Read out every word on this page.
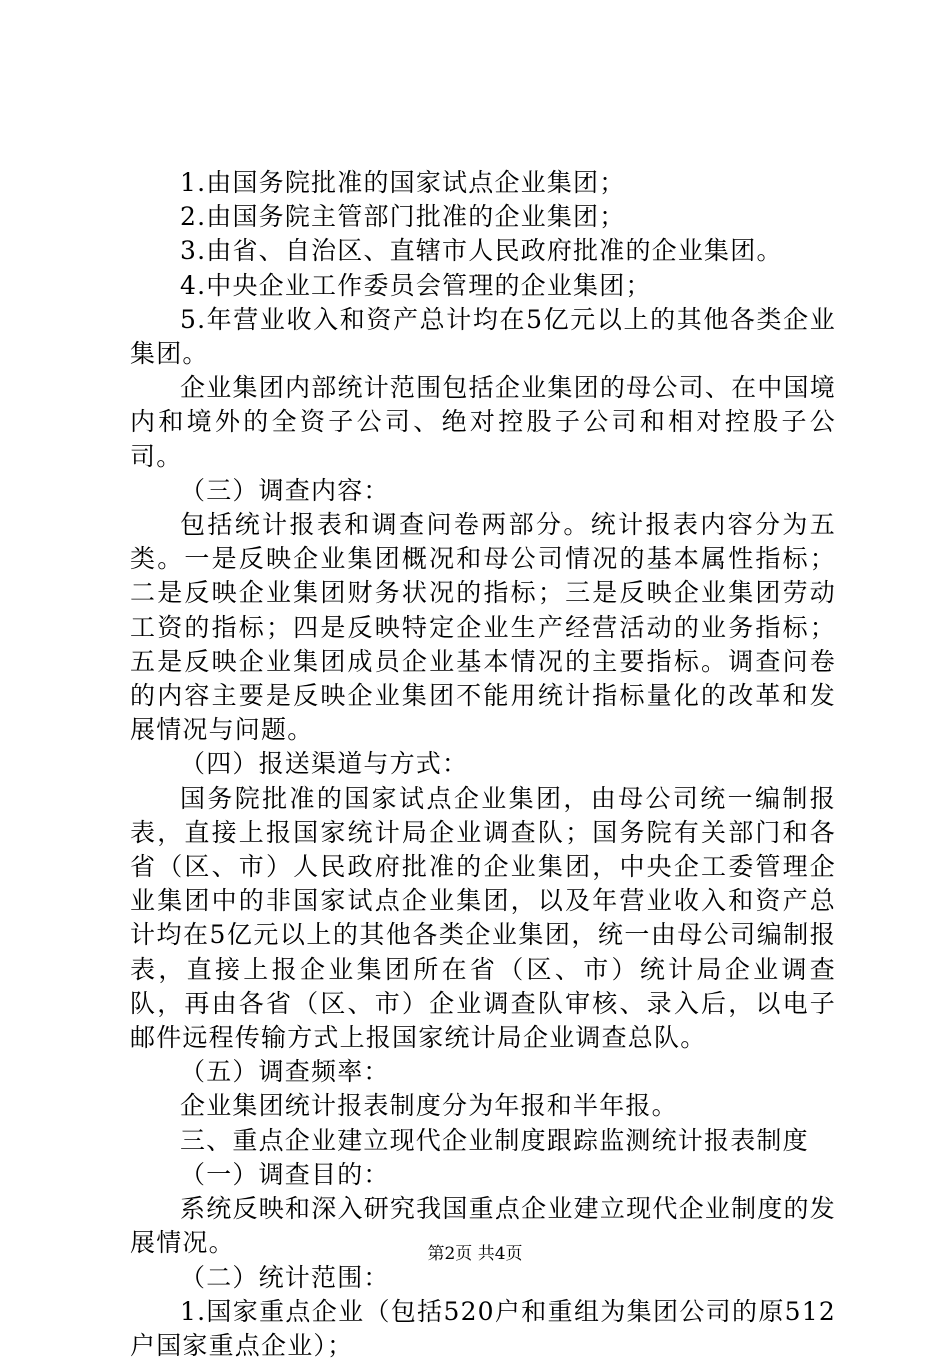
1.由国务院批准的国家试点企业集团；

2.由国务院主管部门批准的企业集团；

3.由省、自治区、直辖市人民政府批准的企业集团。

4.中央企业工作委员会管理的企业集团；

5.年营业收入和资产总计均在5亿元以上的其他各类企业集团。

企业集团内部统计范围包括企业集团的母公司、在中国境内和境外的全资子公司、绝对控股子公司和相对控股子公司。

（三）调查内容：

包括统计报表和调查问卷两部分。统计报表内容分为五类。一是反映企业集团概况和母公司情况的基本属性指标；二是反映企业集团财务状况的指标；三是反映企业集团劳动工资的指标；四是反映特定企业生产经营活动的业务指标；五是反映企业集团成员企业基本情况的主要指标。调查问卷的内容主要是反映企业集团不能用统计指标量化的改革和发展情况与问题。

（四）报送渠道与方式：

国务院批准的国家试点企业集团，由母公司统一编制报表，直接上报国家统计局企业调查队；国务院有关部门和各省（区、市）人民政府批准的企业集团，中央企工委管理企业集团中的非国家试点企业集团，以及年营业收入和资产总计均在5亿元以上的其他各类企业集团，统一由母公司编制报表，直接上报企业集团所在省（区、市）统计局企业调查队，再由各省（区、市）企业调查队审核、录入后，以电子邮件远程传输方式上报国家统计局企业调查总队。

（五）调查频率：

企业集团统计报表制度分为年报和半年报。

三、重点企业建立现代企业制度跟踪监测统计报表制度

（一）调查目的：

系统反映和深入研究我国重点企业建立现代企业制度的发展情况。

（二）统计范围：

1.国家重点企业（包括520户和重组为集团公司的原512户国家重点企业）；

第2页 共4页
